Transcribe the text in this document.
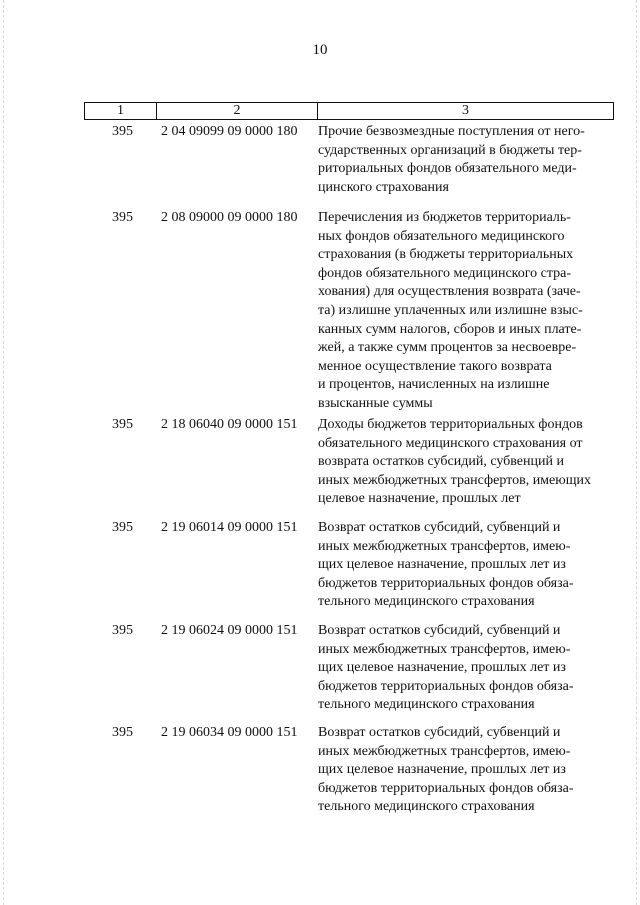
10
1	2	3
395 2 04 09099 09 0000 180 Прочие безвозмездные поступления от него-
сударственных организаций в бюджеты тер-
риториальных фондов обязательного меди-
цинского страхования
395 2 08 09000 09 0000 180 Перечисления из бюджетов территориаль-
ных фондов обязательного медицинского
страхования (в бюджеты территориальных
фондов обязательного медицинского стра-
хования) для осуществления возврата (заче-
та) излишне уплаченных или излишне взыс-
канных сумм налогов, сборов и иных плате-
жей, а также сумм процентов за несвоевре-
менное осуществление такого возврата
и процентов, начисленных на излишне
взысканные суммы
395 2 18 06040 09 0000 151 Доходы бюджетов территориальных фондов
обязательного медицинского страхования от
возврата остатков субсидий, субвенций и
иных межбюджетных трансфертов, имеющих
целевое назначение, прошлых лет
395 2 19 06014 09 0000 151 Возврат остатков субсидий, субвенций и
иных межбюджетных трансфертов, имею-
щих целевое назначение, прошлых лет из
бюджетов территориальных фондов обяза-
тельного медицинского страхования
395 2 19 06024 09 0000 151 Возврат остатков субсидий, субвенций и
иных межбюджетных трансфертов, имею-
щих целевое назначение, прошлых лет из
бюджетов территориальных фондов обяза-
тельного медицинского страхования
395 2 19 06034 09 0000 151 Возврат остатков субсидий, субвенций и
иных межбюджетных трансфертов, имею-
щих целевое назначение, прошлых лет из
бюджетов территориальных фондов обяза-
тельного медицинского страхования
